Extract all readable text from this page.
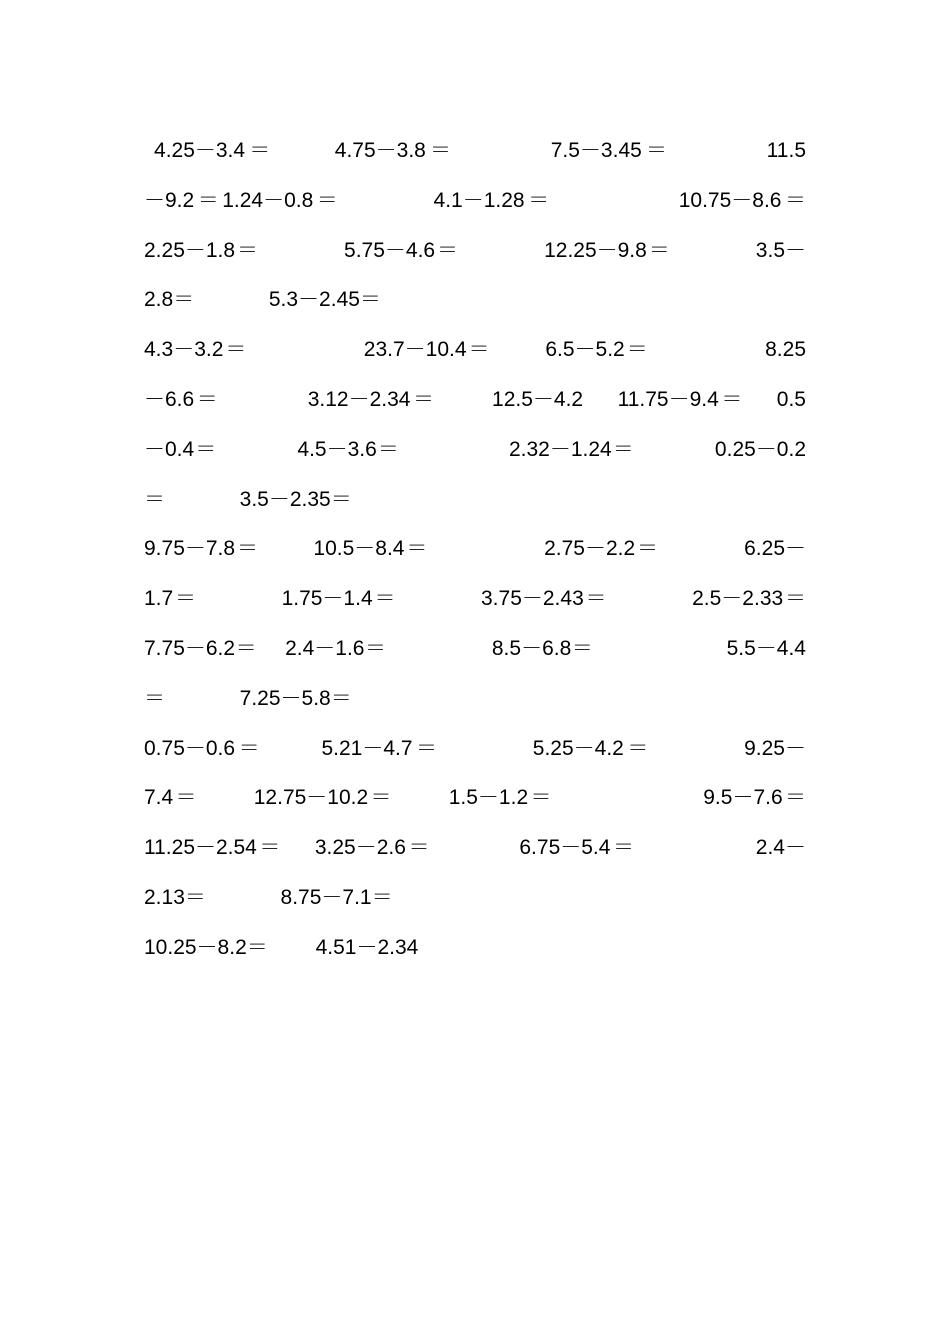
4.25－3.4＝　　 4.75－3.8＝　　 　 7.5－3.45＝　　 　 11.5
－9.2＝1.24－0.8＝　　 　 4.1－1.28＝　　 　 　 10.75－8.6＝
2.25－1.8＝　　 　 5.75－4.6＝　　 　 12.25－9.8＝　　 　 3.5－
2.8＝　　 　 5.3－2.45＝
4.3－3.2＝　　 　 　 23.7－10.4＝　　 6.5－5.2＝　　 　 　 8.25
－6.6＝　　 　 3.12－2.34＝　　 12.5－4.2　 11.75－9.4＝　 0.5
－0.4＝　　 　 4.5－3.6＝　　 　 　 2.32－1.24＝　　 　 0.25－0.2
＝　　 　 3.5－2.35＝
9.75－7.8＝　　 10.5－8.4＝　　 　 　 2.75－2.2＝　　 　 6.25－
1.7＝　　 　 1.75－1.4＝　　 　 3.75－2.43＝　　 　 2.5－2.33＝
7.75－6.2＝　 2.4－1.6＝　　 　 　 8.5－6.8＝　　 　 　 　 5.5－4.4
＝　　 　 7.25－5.8＝
0.75－0.6＝　　 5.21－4.7＝　　 　 5.25－4.2＝　　 　 9.25－
7.4＝　　 12.75－10.2＝　　 1.5－1.2＝　　 　 　 　 9.5－7.6＝
11.25－2.54＝　 3.25－2.6＝　　 　 6.75－5.4＝　　 　 　 2.4－
2.13＝　　 　 8.75－7.1＝
10.25－8.2＝　　 4.51－2.34
